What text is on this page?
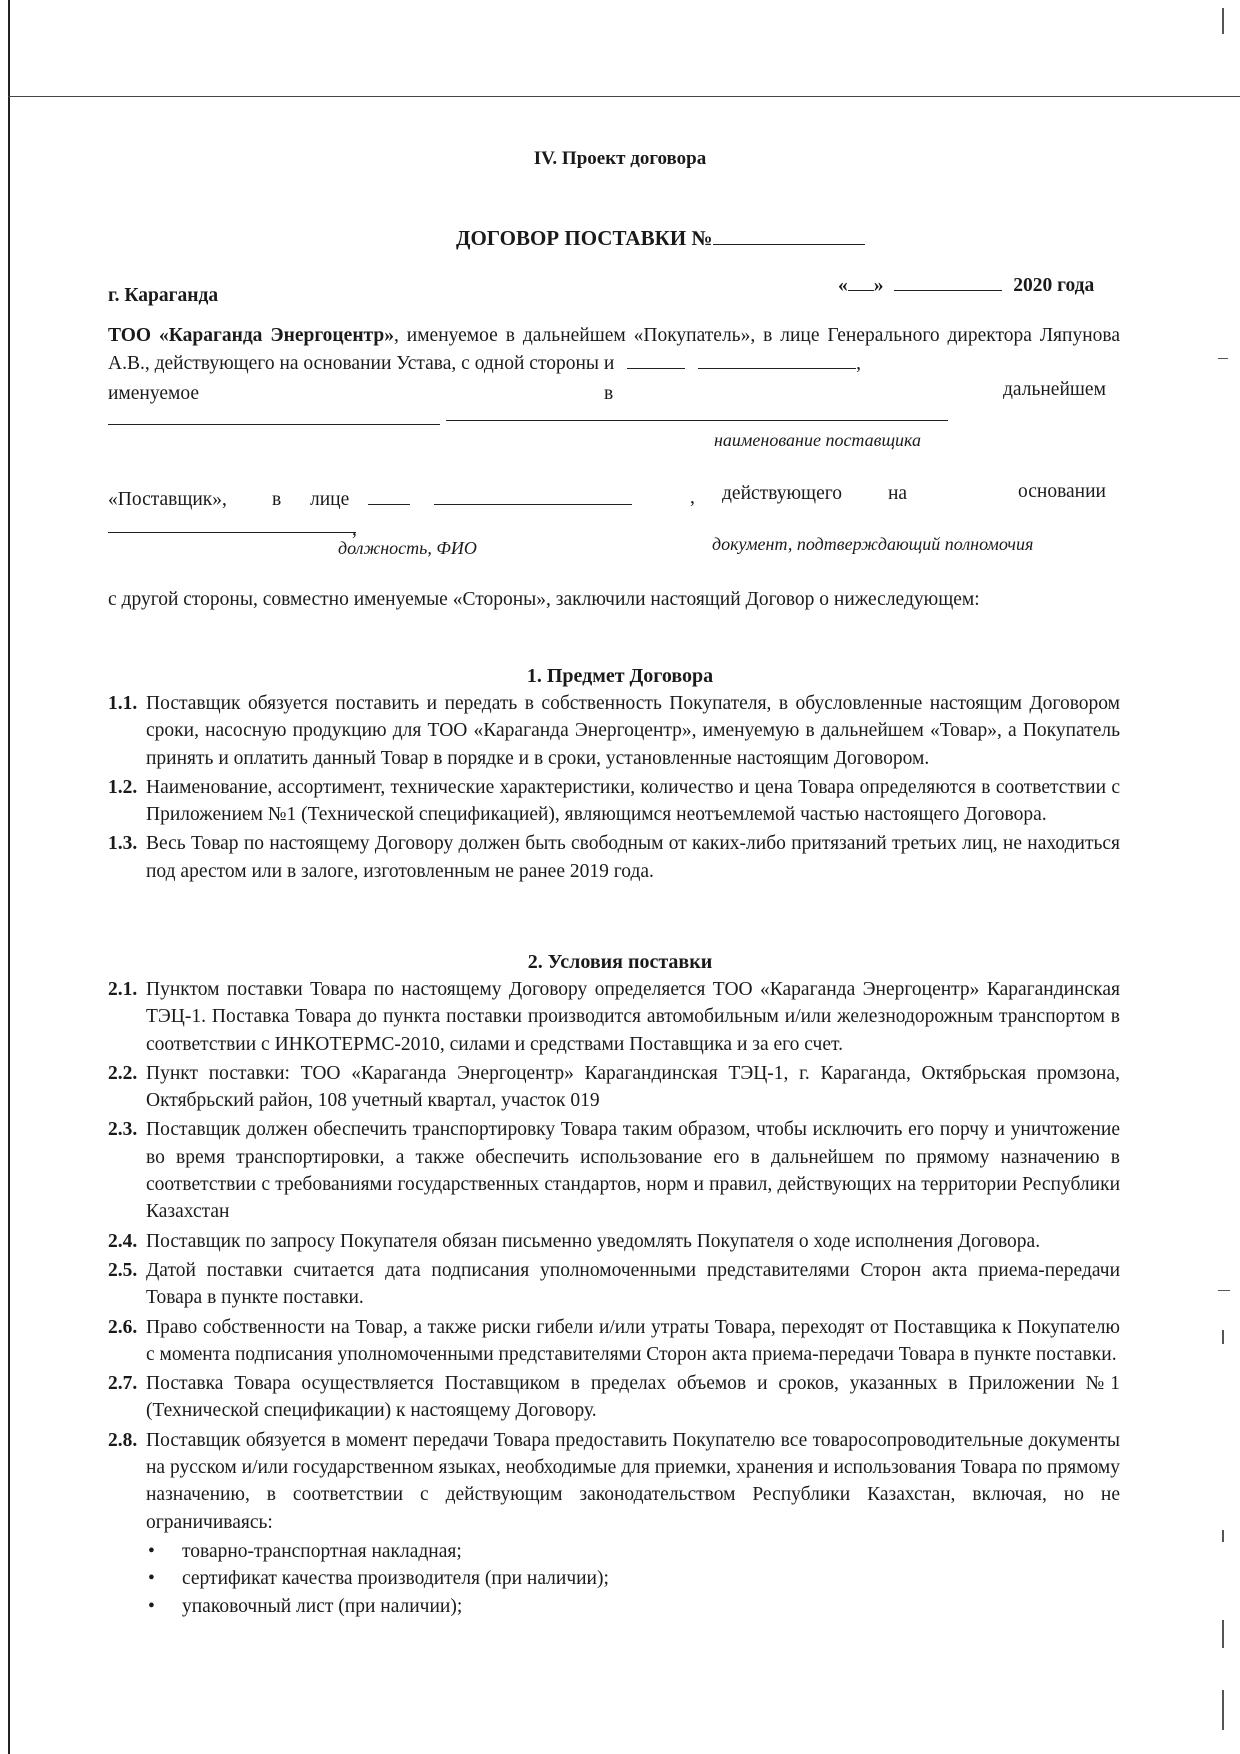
IV. Проект договора
ДОГОВОР ПОСТАВКИ №
г. Караганда	« »	2020 года
ТОО «Караганда Энергоцентр», именуемое в дальнейшем «Покупатель», в лице Генерального директора Ляпунова А.В., действующего на основании Устава, с одной стороны и	,
именуемое	в	дальнейшем
наименование поставщика
«Поставщик», в лице	, действующего на	основании
,
должность, ФИО	документ, подтверждающий полномочия
с другой стороны, совместно именуемые «Стороны», заключили настоящий Договор о нижеследующем:
1. Предмет Договора
1.1. Поставщик обязуется поставить и передать в собственность Покупателя, в обусловленные настоящим Договором сроки, насосную продукцию для ТОО «Караганда Энергоцентр», именуемую в дальнейшем «Товар», а Покупатель принять и оплатить данный Товар в порядке и в сроки, установленные настоящим Договором.
1.2. Наименование, ассортимент, технические характеристики, количество и цена Товара определяются в соответствии с Приложением №1 (Технической спецификацией), являющимся неотъемлемой частью настоящего Договора.
1.3. Весь Товар по настоящему Договору должен быть свободным от каких-либо притязаний третьих лиц, не находиться под арестом или в залоге, изготовленным не ранее 2019 года.
2. Условия поставки
2.1. Пунктом поставки Товара по настоящему Договору определяется ТОО «Караганда Энергоцентр» Карагандинская ТЭЦ-1. Поставка Товара до пункта поставки производится автомобильным и/или железнодорожным транспортом в соответствии с ИНКОТЕРМС-2010, силами и средствами Поставщика и за его счет.
2.2. Пункт поставки: ТОО «Караганда Энергоцентр» Карагандинская ТЭЦ-1, г. Караганда, Октябрьская промзона, Октябрьский район, 108 учетный квартал, участок 019
2.3. Поставщик должен обеспечить транспортировку Товара таким образом, чтобы исключить его порчу и уничтожение во время транспортировки, а также обеспечить использование его в дальнейшем по прямому назначению в соответствии с требованиями государственных стандартов, норм и правил, действующих на территории Республики Казахстан
2.4. Поставщик по запросу Покупателя обязан письменно уведомлять Покупателя о ходе исполнения Договора.
2.5. Датой поставки считается дата подписания уполномоченными представителями Сторон акта приема-передачи Товара в пункте поставки.
2.6. Право собственности на Товар, а также риски гибели и/или утраты Товара, переходят от Поставщика к Покупателю с момента подписания уполномоченными представителями Сторон акта приема-передачи Товара в пункте поставки.
2.7. Поставка Товара осуществляется Поставщиком в пределах объемов и сроков, указанных в Приложении №1 (Технической спецификации) к настоящему Договору.
2.8. Поставщик обязуется в момент передачи Товара предоставить Покупателю все товаросопроводительные документы на русском и/или государственном языках, необходимые для приемки, хранения и использования Товара по прямому назначению, в соответствии с действующим законодательством Республики Казахстан, включая, но не ограничиваясь:
• товарно-транспортная накладная;
• сертификат качества производителя (при наличии);
• упаковочный лист (при наличии);
